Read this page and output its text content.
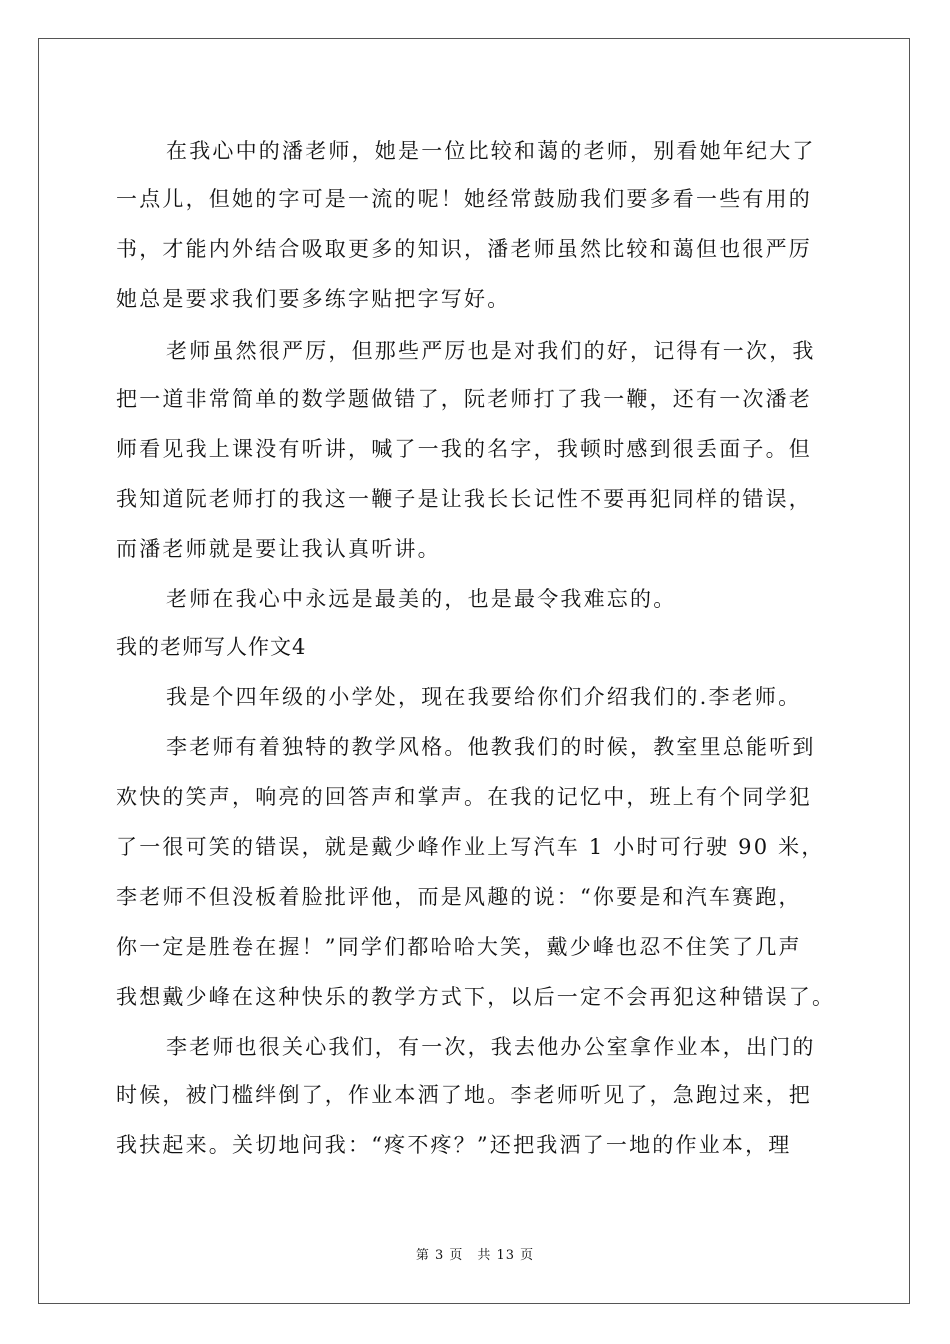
在我心中的潘老师，她是一位比较和蔼的老师，别看她年纪大了
一点儿，但她的字可是一流的呢！她经常鼓励我们要多看一些有用的
书，才能内外结合吸取更多的知识，潘老师虽然比较和蔼但也很严厉
她总是要求我们要多练字贴把字写好。
老师虽然很严厉，但那些严厉也是对我们的好，记得有一次，我
把一道非常简单的数学题做错了，阮老师打了我一鞭，还有一次潘老
师看见我上课没有听讲，喊了一我的名字，我顿时感到很丢面子。但
我知道阮老师打的我这一鞭子是让我长长记性不要再犯同样的错误，
而潘老师就是要让我认真听讲。
老师在我心中永远是最美的，也是最令我难忘的。
我的老师写人作文4
我是个四年级的小学处，现在我要给你们介绍我们的.李老师。
李老师有着独特的教学风格。他教我们的时候，教室里总能听到
欢快的笑声，响亮的回答声和掌声。在我的记忆中，班上有个同学犯
了一很可笑的错误，就是戴少峰作业上写汽车 1 小时可行驶 90 米，
李老师不但没板着脸批评他，而是风趣的说：“你要是和汽车赛跑，
你一定是胜卷在握！”同学们都哈哈大笑，戴少峰也忍不住笑了几声
我想戴少峰在这种快乐的教学方式下，以后一定不会再犯这种错误了。
李老师也很关心我们，有一次，我去他办公室拿作业本，出门的
时候，被门槛绊倒了，作业本洒了地。李老师听见了，急跑过来，把
我扶起来。关切地问我：“疼不疼？”还把我洒了一地的作业本，理
第 3 页　共 13 页
